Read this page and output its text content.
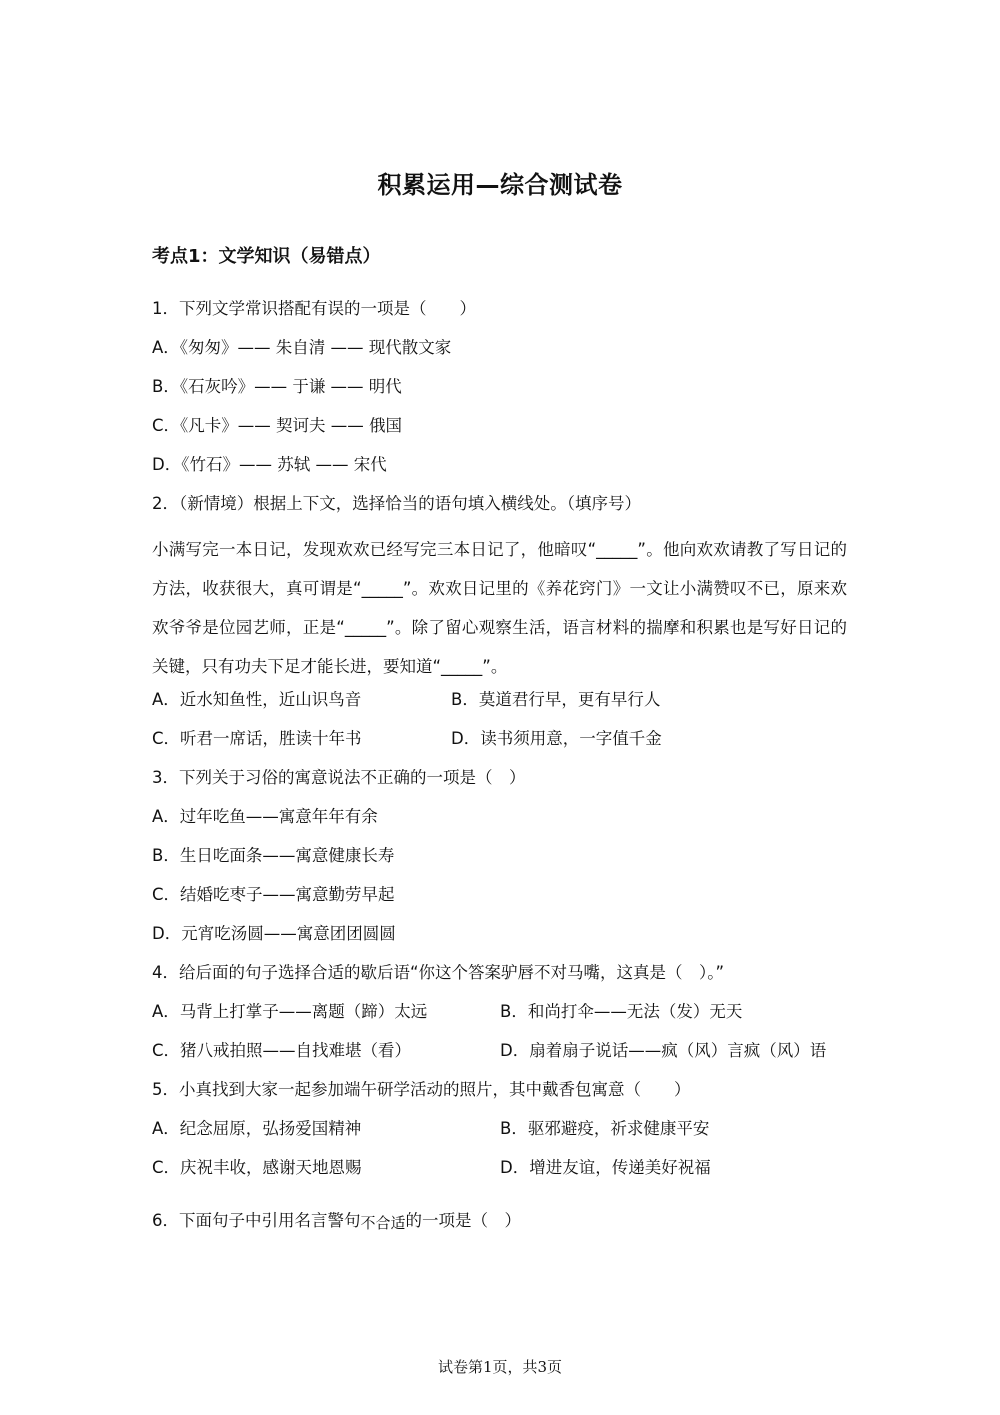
积累运用—综合测试卷
考点1：文学知识（易错点）
1．下列文学常识搭配有误的一项是（　　）
A．《匆匆》—— 朱自清 —— 现代散文家
B．《石灰吟》—— 于谦 —— 明代
C．《凡卡》—— 契诃夫 —— 俄国
D．《竹石》—— 苏轼 —— 宋代
2．（新情境）根据上下文，选择恰当的语句填入横线处。（填序号）
小满写完一本日记，发现欢欢已经写完三本日记了，他暗叹“_____”。他向欢欢请教了写日记的方法，收获很大，真可谓是“_____”。欢欢日记里的《养花窍门》一文让小满赞叹不已，原来欢欢爷爷是位园艺师，正是“_____”。除了留心观察生活，语言材料的揣摩和积累也是写好日记的关键，只有功夫下足才能长进，要知道“_____”。
A．近水知鱼性，近山识鸟音	B．莫道君行早，更有早行人
C．听君一席话，胜读十年书	D．读书须用意，一字值千金
3．下列关于习俗的寓意说法不正确的一项是（　）
A．过年吃鱼——寓意年年有余
B．生日吃面条——寓意健康长寿
C．结婚吃枣子——寓意勤劳早起
D．元宵吃汤圆——寓意团团圆圆
4．给后面的句子选择合适的歇后语“你这个答案驴唇不对马嘴，这真是（　）。”
A．马背上打掌子——离题（蹄）太远	B．和尚打伞——无法（发）无天
C．猪八戒拍照——自找难堪（看）	D．扇着扇子说话——疯（风）言疯（风）语
5．小真找到大家一起参加端午研学活动的照片，其中戴香包寓意（　　）
A．纪念屈原，弘扬爱国精神	B．驱邪避疫，祈求健康平安
C．庆祝丰收，感谢天地恩赐	D．增进友谊，传递美好祝福
6．下面句子中引用名言警句不合适的一项是（　）
试卷第1页，共3页
